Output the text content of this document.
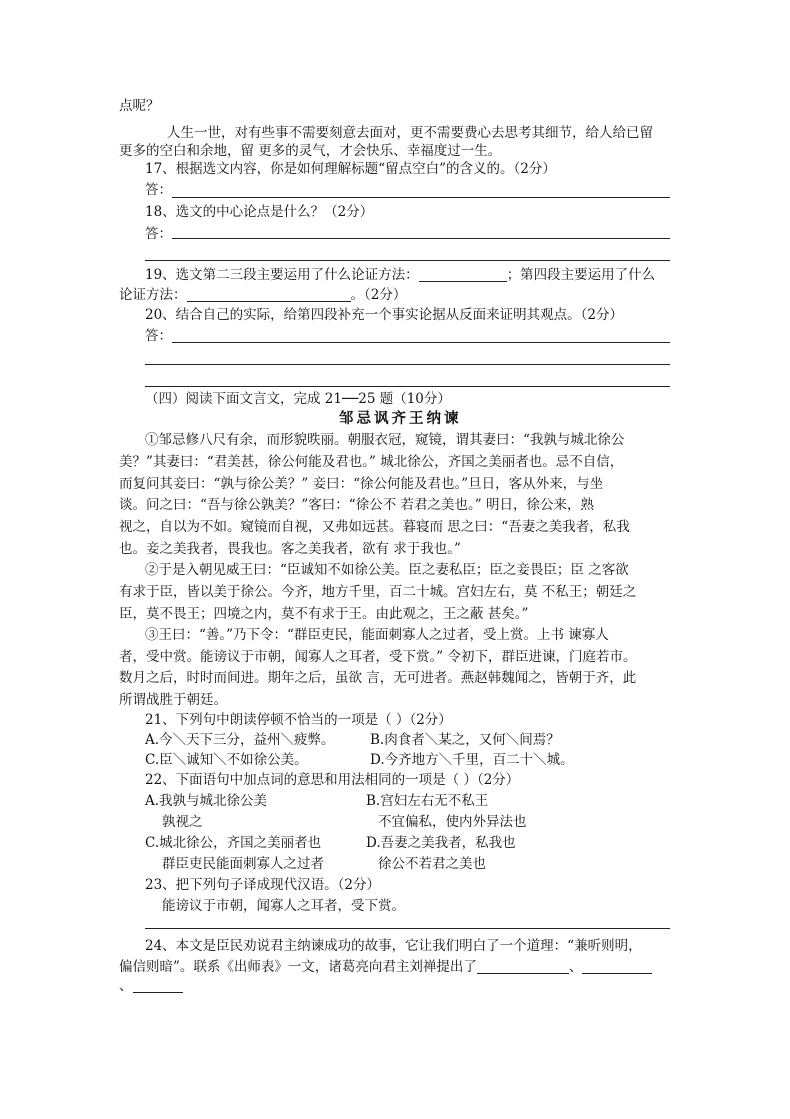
点呢？
人生一世，对有些事不需要刻意去面对，更不需要费心去思考其细节，给人给已留
更多的空白和余地，留 更多的灵气，才会快乐、幸福度过一生。
17、根据选文内容，你是如何理解标题“留点空白”的含义的。（2分）
答：
18、选文的中心论点是什么？（2分）
答：
19、选文第二三段主要运用了什么论证方法：	；第四段主要运用了什么
论证方法：	。（2分）
20、结合自己的实际，给第四段补充一个事实论据从反面来证明其观点。（2分）
答：
（四）阅读下面文言文，完成 21──25 题（10分）
邹忌讽齐王纳谏
①邹忌修八尺有余，而形貌昳丽。朝服衣冠，窥镜，谓其妻曰：“我孰与城北徐公
美？”其妻曰：“君美甚，徐公何能及君也。” 城北徐公，齐国之美丽者也。忌不自信，
而复问其妾曰：“孰与徐公美？” 妾曰：“徐公何能及君也。”旦日，客从外来，与坐
谈。问之曰：“吾与徐公孰美？”客曰：“徐公不 若君之美也。” 明日，徐公来，熟
视之，自以为不如。窥镜而自视，又弗如远甚。暮寝而 思之曰：“吾妻之美我者，私我
也。妾之美我者，畏我也。客之美我者，欲有 求于我也。”
②于是入朝见威王曰：“臣诚知不如徐公美。臣之妻私臣；臣之妾畏臣；臣 之客欲
有求于臣，皆以美于徐公。今齐，地方千里，百二十城。宫妇左右，莫 不私王；朝廷之
臣，莫不畏王；四境之内，莫不有求于王。由此观之，王之蔽 甚矣。”
③王曰：“善。”乃下令：“群臣吏民，能面刺寡人之过者，受上赏。上书 谏寡人
者，受中赏。能谤议于市朝，闻寡人之耳者，受下赏。” 令初下，群臣进谏，门庭若市。
数月之后，时时而间进。期年之后，虽欲 言，无可进者。燕赵韩魏闻之，皆朝于齐，此
所谓战胜于朝廷。
21、下列句中朗读停顿不恰当的一项是（ ）（2分）
A.今＼天下三分，益州＼疲弊。	B.肉食者＼某之，又何＼间焉？
C.臣＼诚知＼不如徐公美。	D.今齐地方＼千里，百二十＼城。
22、下面语句中加点词的意思和用法相同的一项是（ ）（2分）
A.我孰与城北徐公美	B.宫妇左右无不私王
孰视之	不宜偏私，使内外异法也
C.城北徐公，齐国之美丽者也	D.吾妻之美我者，私我也
群臣吏民能面刺寡人之过者	徐公不若君之美也
23、把下列句子译成现代汉语。（2分）
能谤议于市朝，闻寡人之耳者，受下赏。
24、本文是臣民劝说君主纳谏成功的故事，它让我们明白了一个道理：“兼听则明，
偏信则暗”。联系《出师表》一文，诸葛亮向君主刘禅提出了	、
、
